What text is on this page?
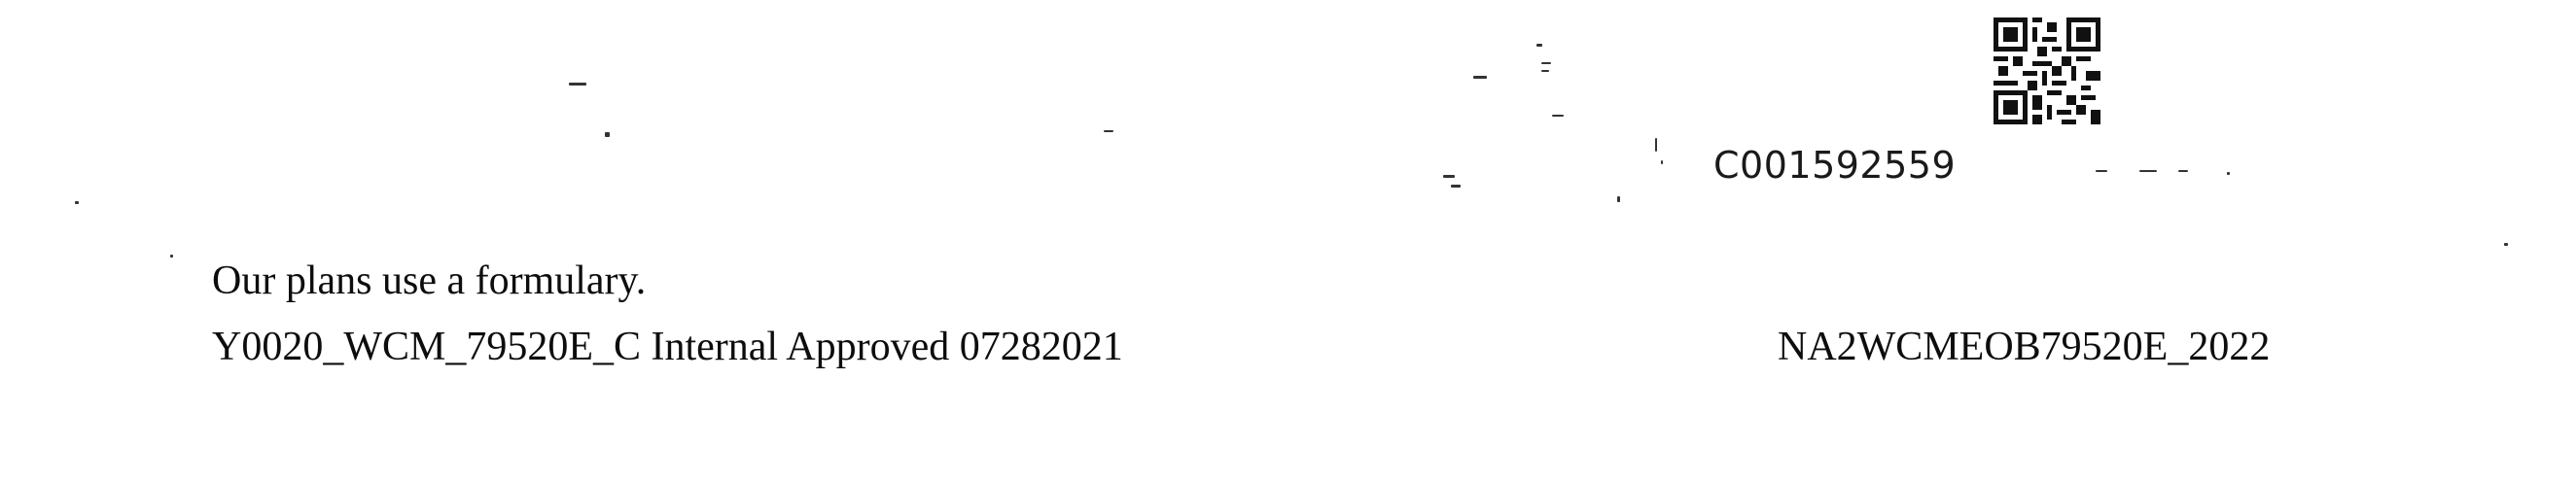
C001592559
Our plans use a formulary.
Y0020_WCM_79520E_C Internal Approved 07282021	NA2WCMEOB79520E_2022
